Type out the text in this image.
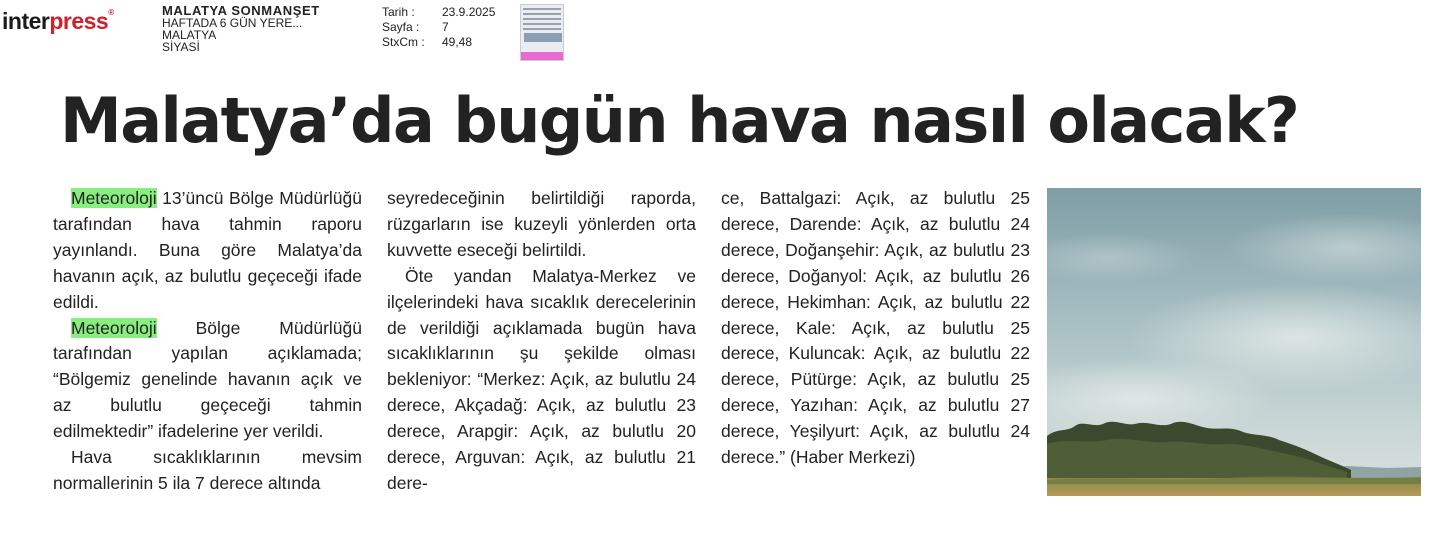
interpress®	MALATYA SONMANŞET
HAFTADA 6 GÜN YERE...
MALATYA
SİYASİ
Tarih :	23.9.2025
Sayfa :	7
StxCm :	49,48
Malatya’da bugün hava nasıl olacak?

Meteoroloji 13’üncü Bölge Müdürlüğü tarafından hava tahmin raporu yayınlandı. Buna göre Malatya’da havanın açık, az bulutlu geçeceği ifade edildi.

Meteoroloji Bölge Müdürlüğü tarafından yapılan açıklamada; “Bölgemiz genelinde havanın açık ve az bulutlu geçeceği tahmin edilmektedir” ifadelerine yer verildi.

Hava sıcaklıklarının mevsim normallerinin 5 ila 7 derece altında

seyredeceğinin belirtildiği raporda, rüzgarların ise kuzeyli yönlerden orta kuvvette eseceği belirtildi.

Öte yandan Malatya-Merkez ve ilçelerindeki hava sıcaklık derecelerinin de verildiği açıklamada bugün hava sıcaklıklarının şu şekilde olması bekleniyor: “Merkez: Açık, az bulutlu 24 derece, Akçadağ: Açık, az bulutlu 23 derece, Arapgir: Açık, az bulutlu 20 derece, Arguvan: Açık, az bulutlu 21 dere-

ce, Battalgazi: Açık, az bulutlu 25 derece, Darende: Açık, az bulutlu 24 derece, Doğanşehir: Açık, az bulutlu 23 derece, Doğanyol: Açık, az bulutlu 26 derece, Hekimhan: Açık, az bulutlu 22 derece, Kale: Açık, az bulutlu 25 derece, Kuluncak: Açık, az bulutlu 22 derece, Pütürge: Açık, az bulutlu 25 derece, Yazıhan: Açık, az bulutlu 27 derece, Yeşilyurt: Açık, az bulutlu 24 derece.” (Haber Merkezi)
